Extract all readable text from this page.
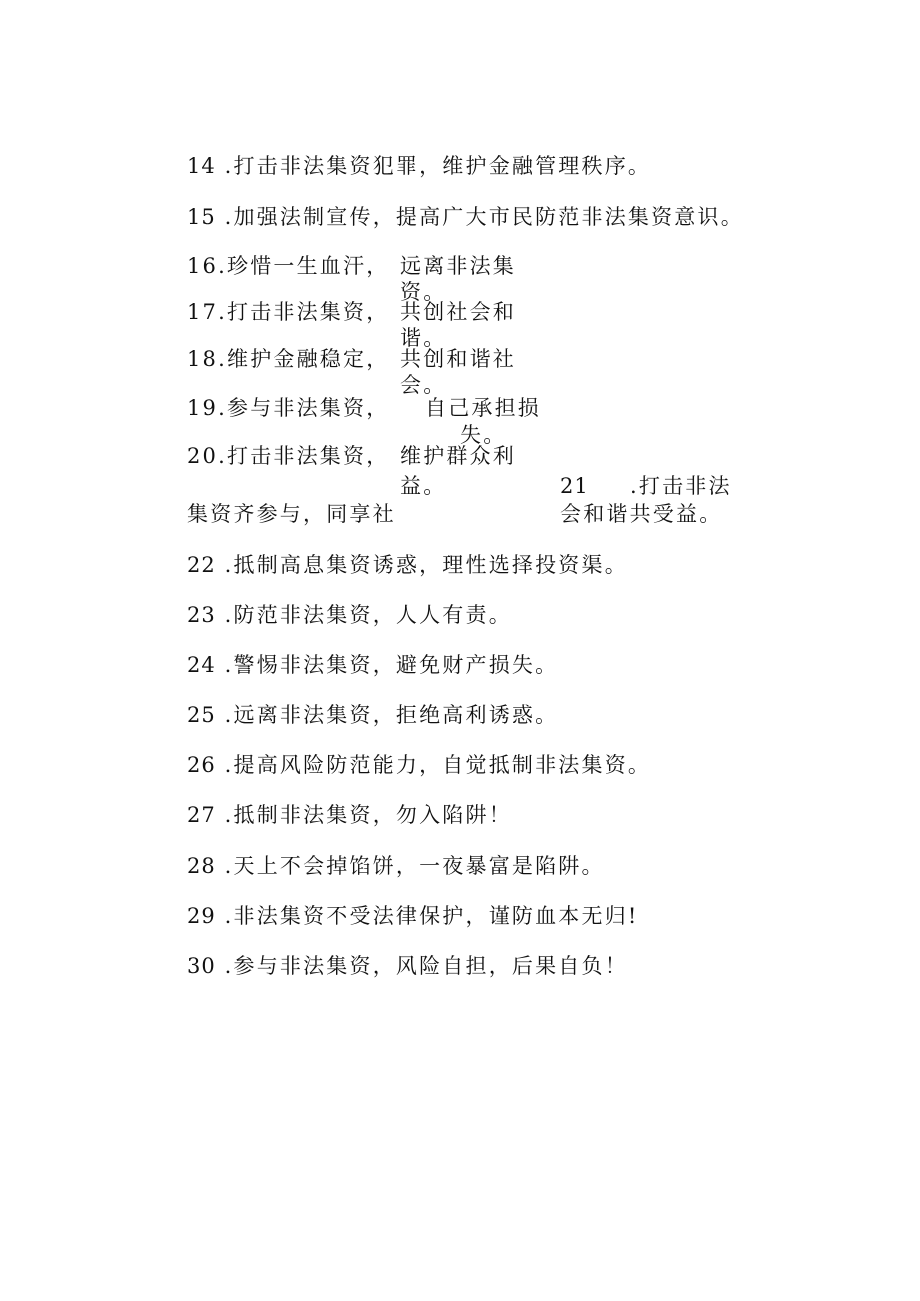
14 .打击非法集资犯罪，维护金融管理秩序。
15 .加强法制宣传，提高广大市民防范非法集资意识。
16.珍惜一生血汗， 远离非法集
资。
17.打击非法集资， 共创社会和
谐。
18.维护金融稳定， 共创和谐社
会。
19.参与非法集资， 自己承担损
失。
20.打击非法集资， 维护群众利
益。	21 .打击非法
集资齐参与，同享社	会和谐共受益。
22 .抵制高息集资诱惑，理性选择投资渠。
23 .防范非法集资，人人有责。
24 .警惕非法集资，避免财产损失。
25 .远离非法集资，拒绝高利诱惑。
26 .提高风险防范能力，自觉抵制非法集资。
27 .抵制非法集资，勿入陷阱！
28 .天上不会掉馅饼，一夜暴富是陷阱。
29 .非法集资不受法律保护，谨防血本无归!
30 .参与非法集资，风险自担，后果自负！
